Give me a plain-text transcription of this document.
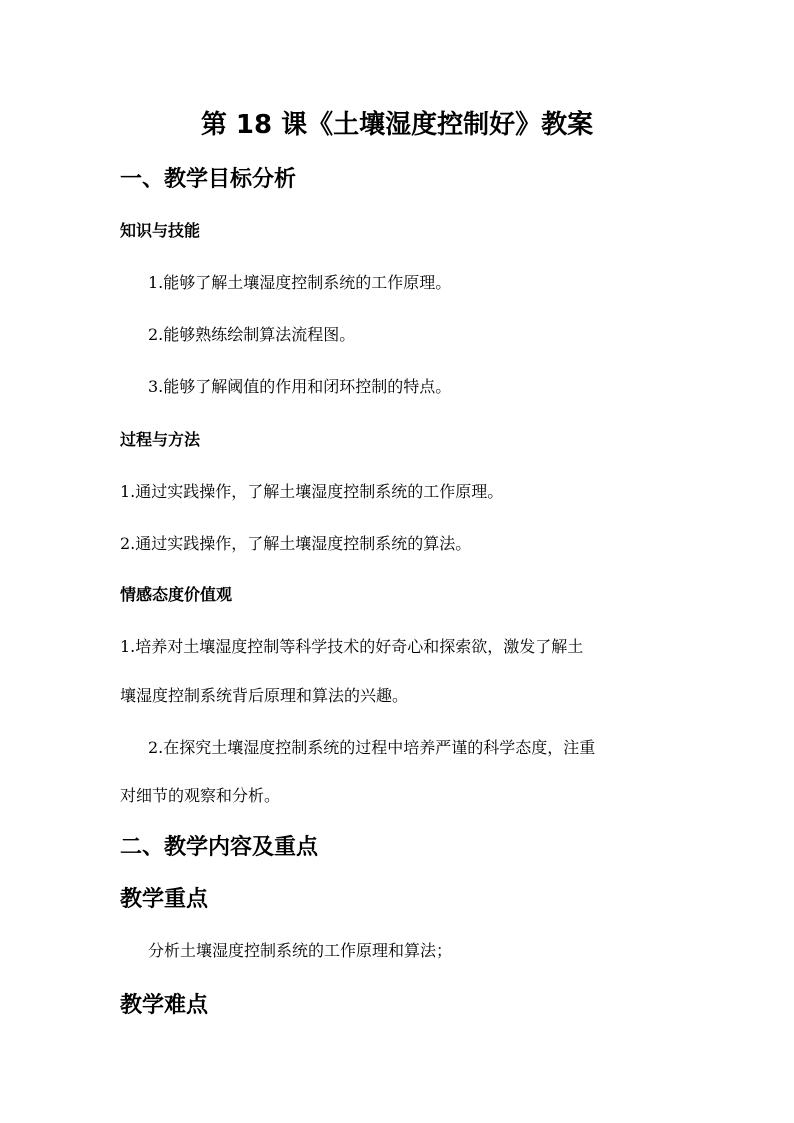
第 18 课《土壤湿度控制好》教案
一、教学目标分析
知识与技能
1.能够了解土壤湿度控制系统的工作原理。
2.能够熟练绘制算法流程图。
3.能够了解阈值的作用和闭环控制的特点。
过程与方法
1.通过实践操作，了解土壤湿度控制系统的工作原理。
2.通过实践操作，了解土壤湿度控制系统的算法。
情感态度价值观
1.培养对土壤湿度控制等科学技术的好奇心和探索欲，激发了解土
壤湿度控制系统背后原理和算法的兴趣。
2.在探究土壤湿度控制系统的过程中培养严谨的科学态度，注重
对细节的观察和分析。
二、教学内容及重点
教学重点
分析土壤湿度控制系统的工作原理和算法；
教学难点
